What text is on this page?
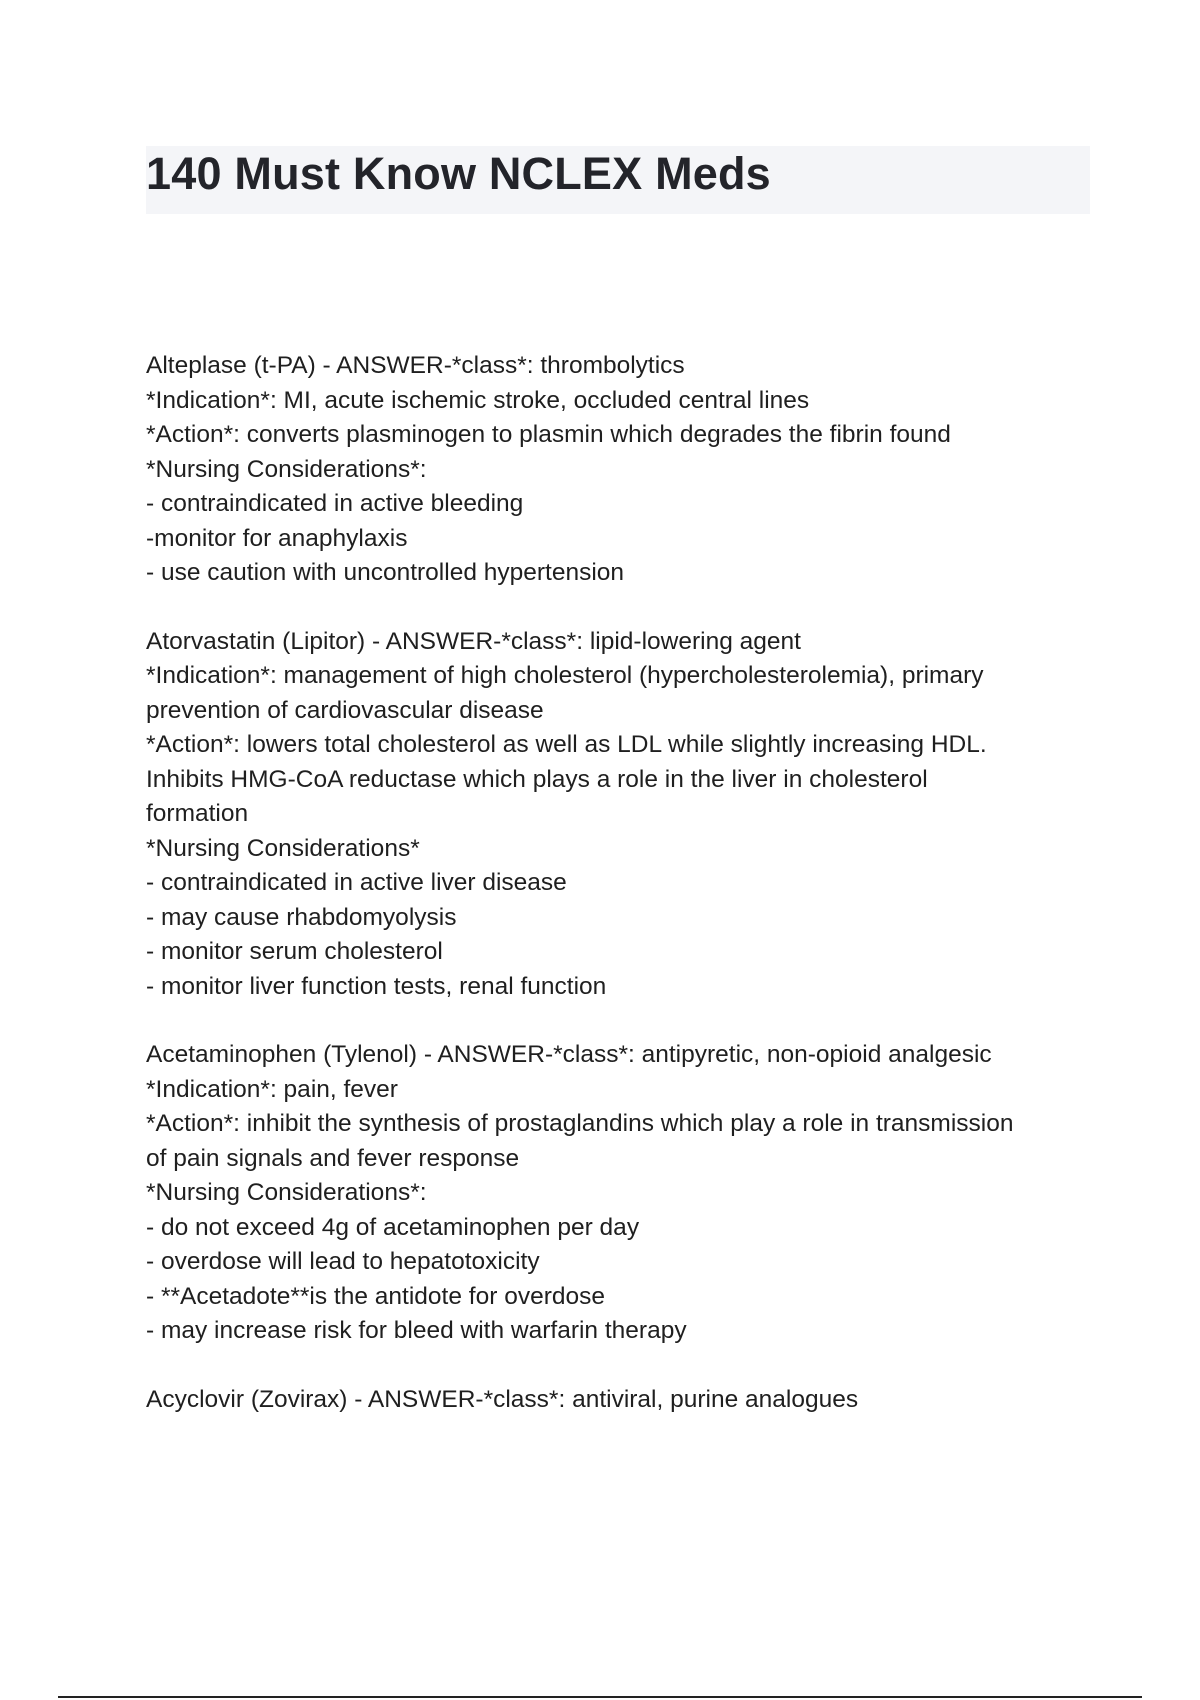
140 Must Know NCLEX Meds
Alteplase (t-PA) - ANSWER-*class*: thrombolytics
*Indication*: MI, acute ischemic stroke, occluded central lines
*Action*: converts plasminogen to plasmin which degrades the fibrin found
*Nursing Considerations*:
- contraindicated in active bleeding
-monitor for anaphylaxis
- use caution with uncontrolled hypertension
Atorvastatin (Lipitor) - ANSWER-*class*: lipid-lowering agent
*Indication*: management of high cholesterol (hypercholesterolemia), primary
prevention of cardiovascular disease
*Action*: lowers total cholesterol as well as LDL while slightly increasing HDL.
Inhibits HMG-CoA reductase which plays a role in the liver in cholesterol
formation
*Nursing Considerations*
- contraindicated in active liver disease
- may cause rhabdomyolysis
- monitor serum cholesterol
- monitor liver function tests, renal function
Acetaminophen (Tylenol) - ANSWER-*class*: antipyretic, non-opioid analgesic
*Indication*: pain, fever
*Action*: inhibit the synthesis of prostaglandins which play a role in transmission
of pain signals and fever response
*Nursing Considerations*:
- do not exceed 4g of acetaminophen per day
- overdose will lead to hepatotoxicity
- **Acetadote**is the antidote for overdose
- may increase risk for bleed with warfarin therapy
Acyclovir (Zovirax) - ANSWER-*class*: antiviral, purine analogues
